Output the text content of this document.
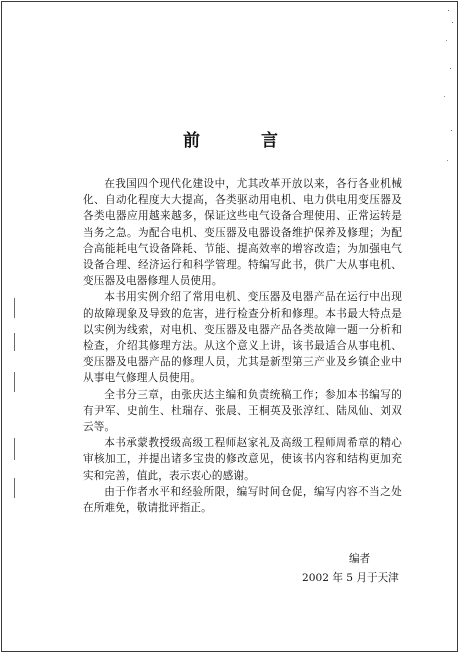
前　言

在我国四个现代化建设中，尤其改革开放以来，各行各业机械化、自动化程度大大提高，各类驱动用电机、电力供电用变压器及各类电器应用越来越多，保证这些电气设备合理使用、正常运转是当务之急。为配合电机、变压器及电器设备维护保养及修理；为配合高能耗电气设备降耗、节能、提高效率的增容改造；为加强电气设备合理、经济运行和科学管理。特编写此书，供广大从事电机、变压器及电器修理人员使用。

本书用实例介绍了常用电机、变压器及电器产品在运行中出现的故障现象及导致的危害，进行检查分析和修理。本书最大特点是以实例为线索，对电机、变压器及电器产品各类故障一题一分析和检查，介绍其修理方法。从这个意义上讲，该书最适合从事电机、变压器及电器产品的修理人员，尤其是新型第三产业及乡镇企业中从事电气修理人员使用。

全书分三章，由张庆达主编和负责统稿工作；参加本书编写的有尹军、史前生、杜瑞存、张晨、王桐英及张淳红、陆凤仙、刘双云等。

本书承蒙教授级高级工程师赵家礼及高级工程师周希章的精心审核加工，并提出诸多宝贵的修改意见，使该书内容和结构更加充实和完善，值此，表示衷心的感谢。

由于作者水平和经验所限，编写时间仓促，编写内容不当之处在所难免，敬请批评指正。

编者
2002 年 5 月于天津
